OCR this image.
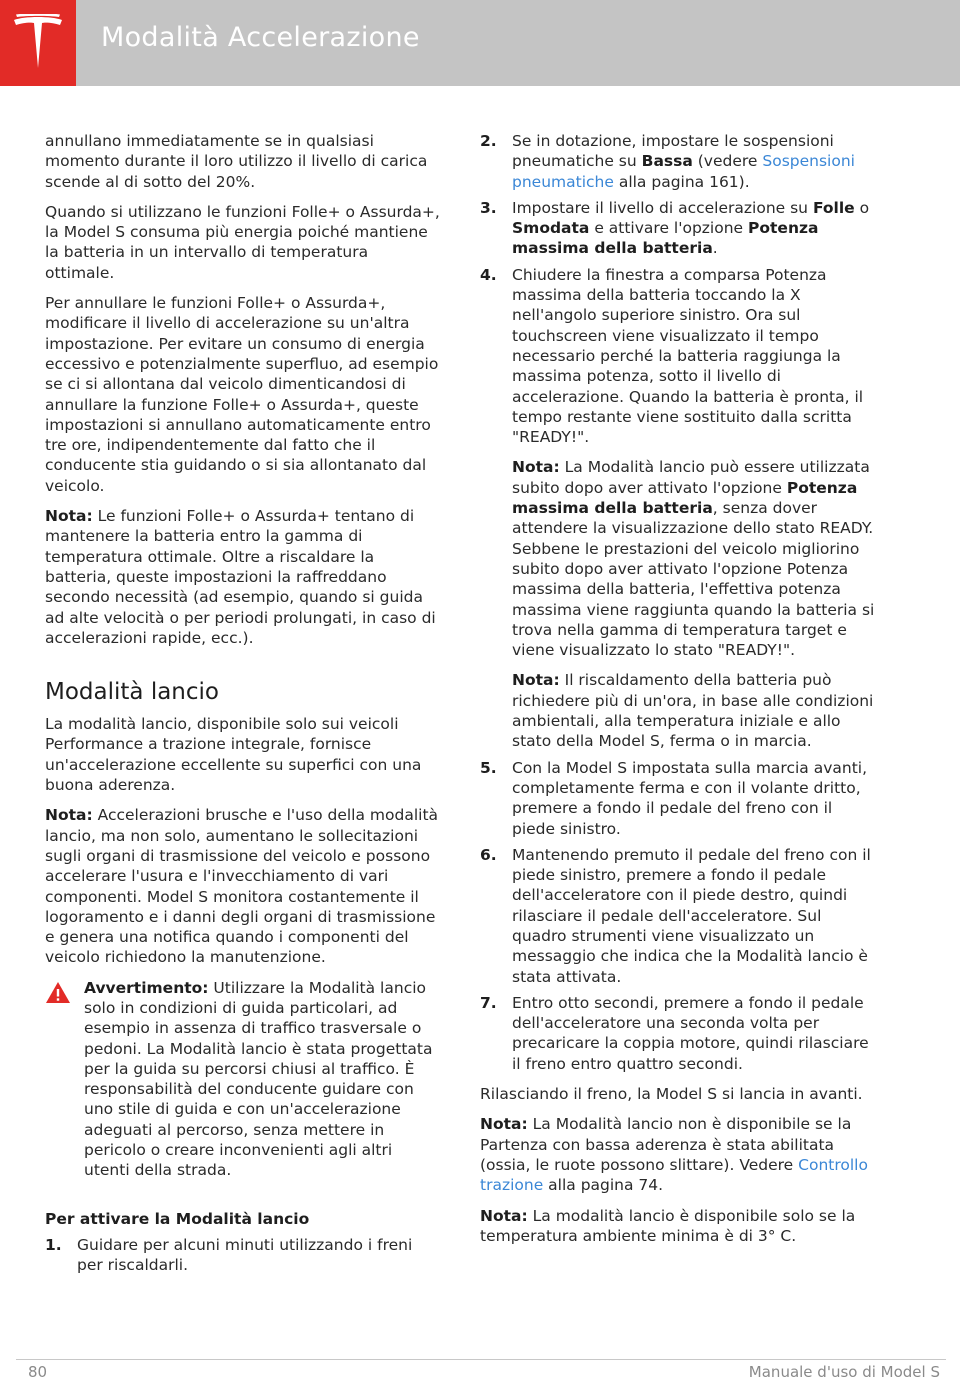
Modalità Accelerazione

annullano immediatamente se in qualsiasi momento durante il loro utilizzo il livello di carica scende al di sotto del 20%.

Quando si utilizzano le funzioni Folle+ o Assurda+, la Model S consuma più energia poiché mantiene la batteria in un intervallo di temperatura ottimale.

Per annullare le funzioni Folle+ o Assurda+, modificare il livello di accelerazione su un'altra impostazione. Per evitare un consumo di energia eccessivo e potenzialmente superfluo, ad esempio se ci si allontana dal veicolo dimenticandosi di annullare la funzione Folle+ o Assurda+, queste impostazioni si annullano automaticamente entro tre ore, indipendentemente dal fatto che il conducente stia guidando o si sia allontanato dal veicolo.

Nota: Le funzioni Folle+ o Assurda+ tentano di mantenere la batteria entro la gamma di temperatura ottimale. Oltre a riscaldare la batteria, queste impostazioni la raffreddano secondo necessità (ad esempio, quando si guida ad alte velocità o per periodi prolungati, in caso di accelerazioni rapide, ecc.).

Modalità lancio

La modalità lancio, disponibile solo sui veicoli Performance a trazione integrale, fornisce un'accelerazione eccellente su superfici con una buona aderenza.

Nota: Accelerazioni brusche e l'uso della modalità lancio, ma non solo, aumentano le sollecitazioni sugli organi di trasmissione del veicolo e possono accelerare l'usura e l'invecchiamento di vari componenti. Model S monitora costantemente il logoramento e i danni degli organi di trasmissione e genera una notifica quando i componenti del veicolo richiedono la manutenzione.

Avvertimento: Utilizzare la Modalità lancio solo in condizioni di guida particolari, ad esempio in assenza di traffico trasversale o pedoni. La Modalità lancio è stata progettata per la guida su percorsi chiusi al traffico. È responsabilità del conducente guidare con uno stile di guida e con un'accelerazione adeguati al percorso, senza mettere in pericolo o creare inconvenienti agli altri utenti della strada.
Per attivare la Modalità lancio
1. Guidare per alcuni minuti utilizzando i freni per riscaldarli.

2. Se in dotazione, impostare le sospensioni pneumatiche su Bassa (vedere Sospensioni pneumatiche alla pagina 161).

3. Impostare il livello di accelerazione su Folle o Smodata e attivare l'opzione Potenza massima della batteria.

4. Chiudere la finestra a comparsa Potenza massima della batteria toccando la X nell'angolo superiore sinistro. Ora sul touchscreen viene visualizzato il tempo necessario perché la batteria raggiunga la massima potenza, sotto il livello di accelerazione. Quando la batteria è pronta, il tempo restante viene sostituito dalla scritta "READY!".

Nota: La Modalità lancio può essere utilizzata subito dopo aver attivato l'opzione Potenza massima della batteria, senza dover attendere la visualizzazione dello stato READY. Sebbene le prestazioni del veicolo migliorino subito dopo aver attivato l'opzione Potenza massima della batteria, l'effettiva potenza massima viene raggiunta quando la batteria si trova nella gamma di temperatura target e viene visualizzato lo stato "READY!".

Nota: Il riscaldamento della batteria può richiedere più di un'ora, in base alle condizioni ambientali, alla temperatura iniziale e allo stato della Model S, ferma o in marcia.

5. Con la Model S impostata sulla marcia avanti, completamente ferma e con il volante dritto, premere a fondo il pedale del freno con il piede sinistro.

6. Mantenendo premuto il pedale del freno con il piede sinistro, premere a fondo il pedale dell'acceleratore con il piede destro, quindi rilasciare il pedale dell'acceleratore. Sul quadro strumenti viene visualizzato un messaggio che indica che la Modalità lancio è stata attivata.

7. Entro otto secondi, premere a fondo il pedale dell'acceleratore una seconda volta per precaricare la coppia motore, quindi rilasciare il freno entro quattro secondi.

Rilasciando il freno, la Model S si lancia in avanti.

Nota: La Modalità lancio non è disponibile se la Partenza con bassa aderenza è stata abilitata (ossia, le ruote possono slittare). Vedere Controllo trazione alla pagina 74.

Nota: La modalità lancio è disponibile solo se la temperatura ambiente minima è di 3° C.

80	Manuale d'uso di Model S
